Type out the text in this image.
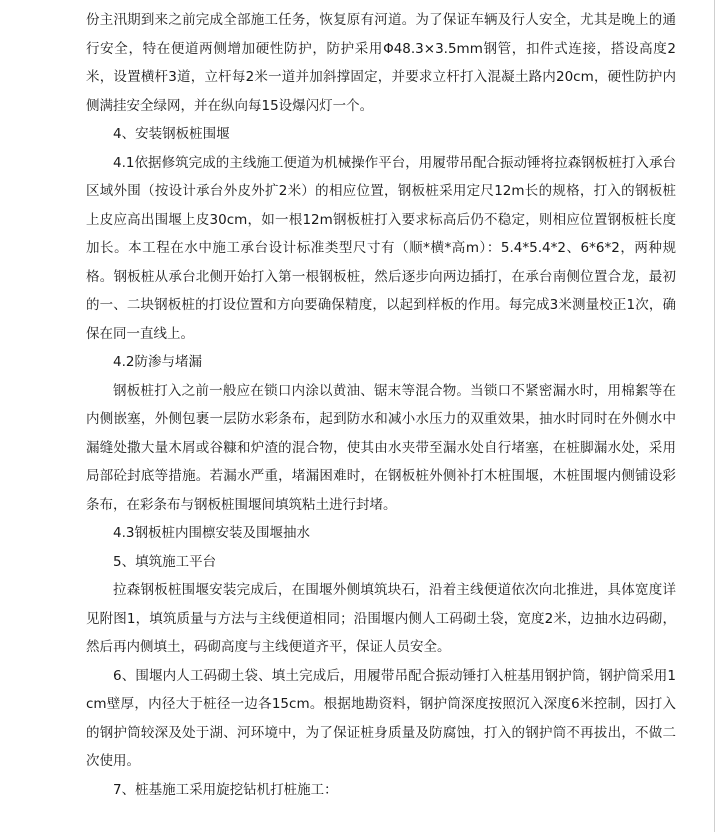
份主汛期到来之前完成全部施工任务，恢复原有河道。为了保证车辆及行人安全，尤其是晚上的通行安全，特在便道两侧增加硬性防护，防护采用Φ48.3×3.5mm钢管，扣件式连接，搭设高度2米，设置横杆3道，立杆每2米一道并加斜撑固定，并要求立杆打入混凝土路内20cm，硬性防护内侧满挂安全绿网，并在纵向每15设爆闪灯一个。

4、安装钢板桩围堰

4.1依据修筑完成的主线施工便道为机械操作平台，用履带吊配合振动锤将拉森钢板桩打入承台区域外围（按设计承台外皮外扩2米）的相应位置，钢板桩采用定尺12m长的规格，打入的钢板桩上皮应高出围堰上皮30cm，如一根12m钢板桩打入要求标高后仍不稳定，则相应位置钢板桩长度加长。本工程在水中施工承台设计标准类型尺寸有（顺*横*高m）：5.4*5.4*2、6*6*2，两种规格。钢板桩从承台北侧开始打入第一根钢板桩，然后逐步向两边插打，在承台南侧位置合龙，最初的一、二块钢板桩的打设位置和方向要确保精度，以起到样板的作用。每完成3米测量校正1次，确保在同一直线上。

4.2防渗与堵漏

钢板桩打入之前一般应在锁口内涂以黄油、锯末等混合物。当锁口不紧密漏水时，用棉絮等在内侧嵌塞，外侧包裹一层防水彩条布，起到防水和减小水压力的双重效果，抽水时同时在外侧水中漏缝处撒大量木屑或谷糠和炉渣的混合物，使其由水夹带至漏水处自行堵塞，在桩脚漏水处，采用局部砼封底等措施。若漏水严重，堵漏困难时，在钢板桩外侧补打木桩围堰，木桩围堰内侧铺设彩条布，在彩条布与钢板桩围堰间填筑粘土进行封堵。

4.3钢板桩内围檩安装及围堰抽水

5、填筑施工平台

拉森钢板桩围堰安装完成后，在围堰外侧填筑块石，沿着主线便道依次向北推进，具体宽度详见附图1，填筑质量与方法与主线便道相同；沿围堰内侧人工码砌土袋，宽度2米，边抽水边码砌，然后再内侧填土，码砌高度与主线便道齐平，保证人员安全。

6、围堰内人工码砌土袋、填土完成后，用履带吊配合振动锤打入桩基用钢护筒，钢护筒采用1cm壁厚，内径大于桩径一边各15cm。根据地勘资料，钢护筒深度按照沉入深度6米控制，因打入的钢护筒较深及处于湖、河环境中，为了保证桩身质量及防腐蚀，打入的钢护筒不再拔出，不做二次使用。

7、桩基施工采用旋挖钻机打桩施工：
